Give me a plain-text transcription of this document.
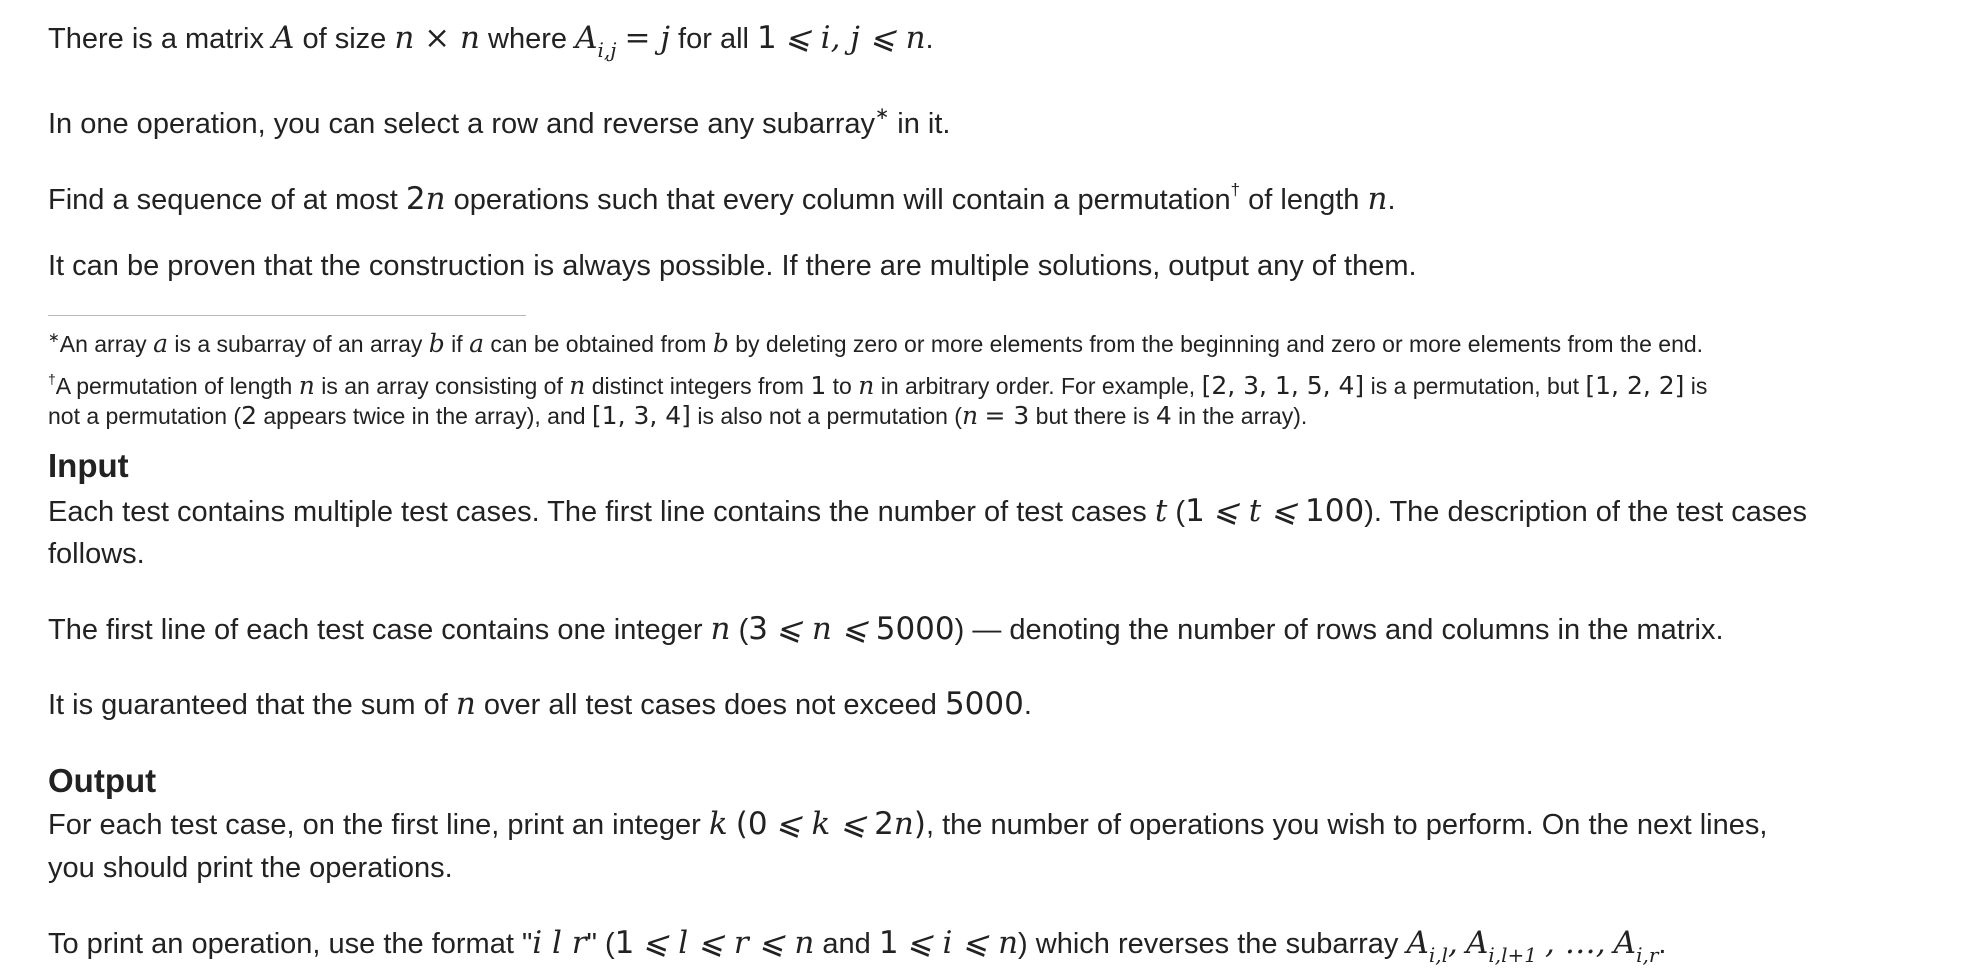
There is a matrix A of size n × n where $A_{i,j} = j$ for all 1 ⩽ i, j ⩽ n.
In one operation, you can select a row and reverse any subarray∗ in it.
Find a sequence of at most 2n operations such that every column will contain a permutation† of length n.
It can be proven that the construction is always possible. If there are multiple solutions, output any of them.
∗An array a is a subarray of an array b if a can be obtained from b by deleting zero or more elements from the beginning and zero or more elements from the end.
†A permutation of length n is an array consisting of n distinct integers from 1 to n in arbitrary order. For example, [2, 3, 1, 5, 4] is a permutation, but [1, 2, 2] is
not a permutation (2 appears twice in the array), and [1, 3, 4] is also not a permutation (n = 3 but there is 4 in the array).
Input
Each test contains multiple test cases. The first line contains the number of test cases t (1 ⩽ t ⩽ 100). The description of the test cases
follows.
The first line of each test case contains one integer n (3 ⩽ n ⩽ 5000) — denoting the number of rows and columns in the matrix.
It is guaranteed that the sum of n over all test cases does not exceed 5000.
Output
For each test case, on the first line, print an integer k (0 ⩽ k ⩽ 2n), the number of operations you wish to perform. On the next lines,
you should print the operations.
To print an operation, use the format "i l r" (1 ⩽ l ⩽ r ⩽ n and 1 ⩽ i ⩽ n) which reverses the subarray $A_{i,l}$, $A_{i,l+1}$ , …, $A_{i,r}$.
